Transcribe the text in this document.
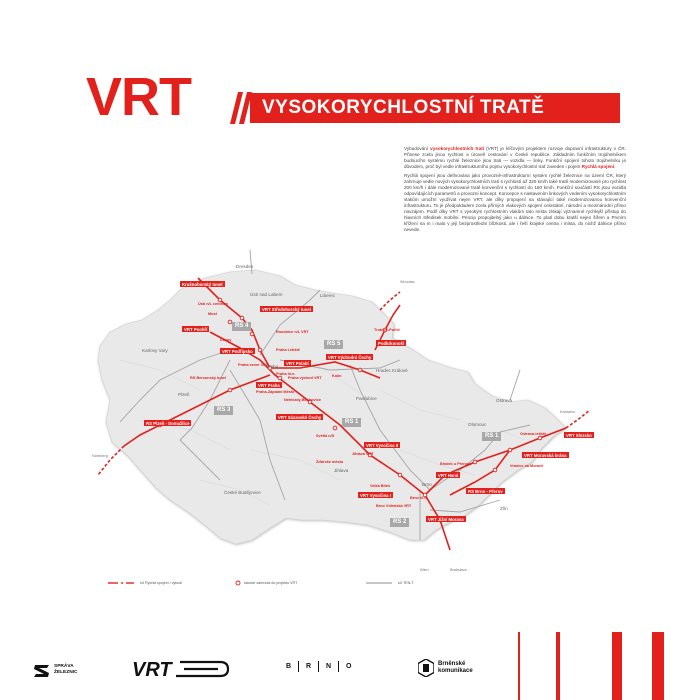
VRT	VYSOKORYCHLOSTNÍ TRATĚ

Vybudování vysokorychlostních tratí (VRT) je klíčovým projektem rozvoje dopravní infrastruktury v ČR. Přinese zcela jinou rychlost a úroveň cestování v České republice. Základním funkčním trojúhelníkem budoucího systému rychlé železnice jsou trati — vozidla — linky. Funkční spojení tohoto trojúhelníku je důvodem, proč byl vedle infrastrukturního pojmu vysokorychlostní trať zaveden i pojem Rychlá spojení.

Rychlá spojení jsou definována jako provozně-infrastrukturní systém rychlé železnice na území ČR, který zahrnuje vedle nových vysokorychlostních tratí s rychlostí až 320 km/h také tratě modernizované pro rychlost 200 km/h i dále modernizované tratě konvenční s rychlostí do 160 km/h. Funkční součástí RS jsou vozidla odpovídajících parametrů a provozní koncept. Koncepce s nastavením linkových vedením vysokorychlostním vlakům umožní využívat nejen VRT, ale díky propojení na stávající také modernizovanou konvenční infrastrukturu. To je předpokladem zcela přímých vlakových spojení celostátní, národní a mezinárodní přímo navzájem. Podíl díky VRT s vysokým rychlostním vlakům tato místa získají významné rychlejší přístup do hlavních středisek mobilní. Princip propojitelný jako u dálnice. To platí dobu kratší nejen šířem a Prvním křížení na m i malo v její bezprostřední blízkosti, ale i řeší krajské centra i místa, do nichž dálnice přímo nevede.

Dresden
Ústí nad Labem	Liberec
Wrocław
Karlovy Vary
Praha
Hradec Králové
Pardubice
Plzeň
Jihlava
Olomouc
Ostrava
Katowice
České Budějovice
Brno
Zlín
Nürnberg
Wien	Bratislava
RS 4
RS 5
RS 3
RS 1
RS 1
RS 2
Krušnohorský tunel
Ústí n/L centrum
Most
VRT Středohorský tunel
VRT Poohří
Louny
Roudnice n/L VRT
VRT Podřipsko
Praha sever VRT	VRT Polabí
Praha Letiště
RS Berounský tunel
VRT Praha
Praha-Západní Město
Praha hl.n.
Praha východ VRT	Kolín
Nehvizdy-Běchovice
VRT Východní Čechy
Podkrkonoší
Trutnov-Poříčí
RS Plzeň - Domažlice
VRT Sázavské Čechy
Světlá n/S
VRT Vysočina II
Jihlava VRT
Žďárské město
VRT Vysočina I
Velká Bíteš
Brno Vídeňská VRT
Brno hl.n.
VRT Jižní Morava
Bindek u Přerova
VRT Haná
RS Brno - Přerov
Vranice na Moravě
VRT Moravská brána
Ostrava-letiště	VRT Slezsko
síť Rychlá spojení / vybudí	stanice zahrnuta do projektu VRT	síť TEN-T
SPRÁVA
ŽELEZNIC	VRT	B R N O	Brněnské
komunikace
